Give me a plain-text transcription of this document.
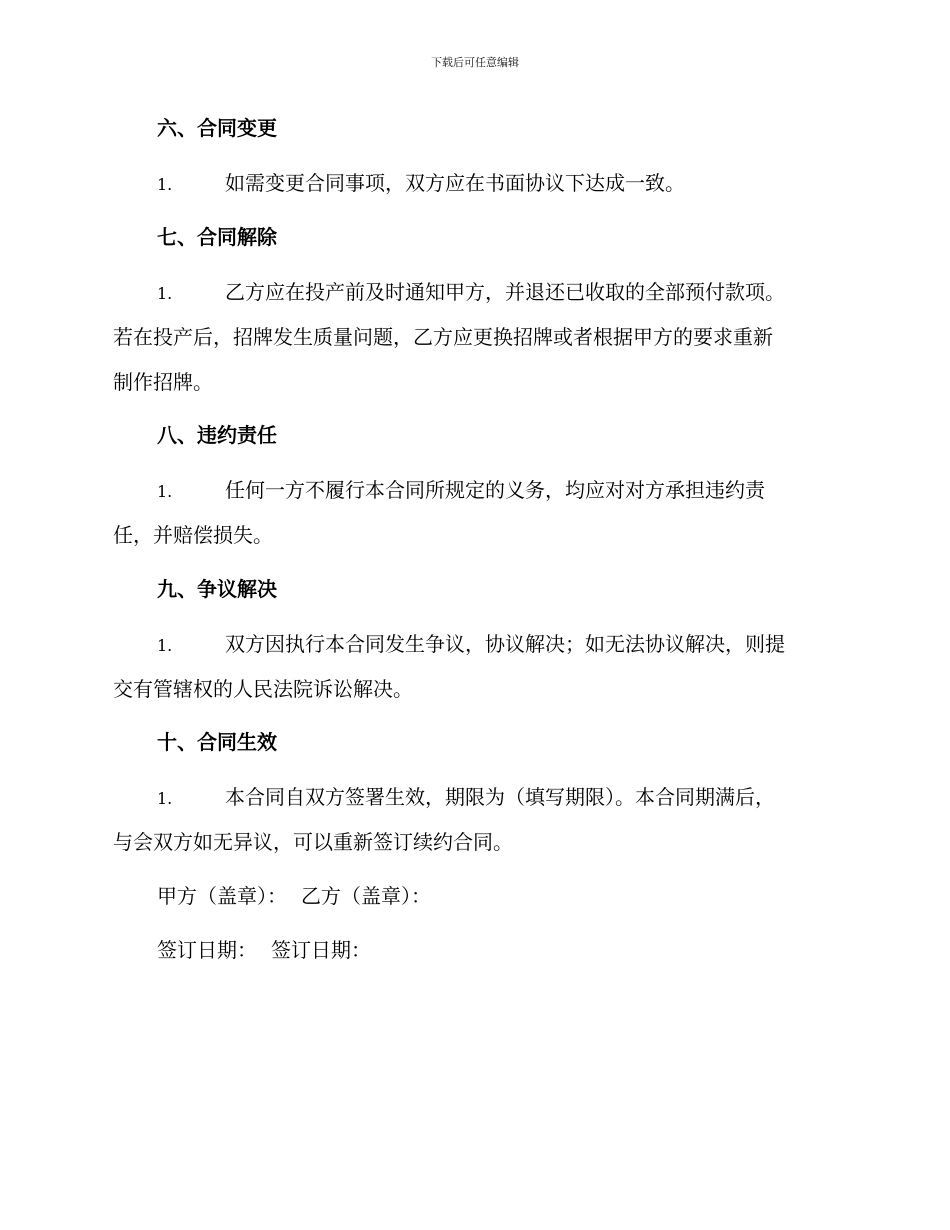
下载后可任意编辑
六、合同变更
1.	如需变更合同事项，双方应在书面协议下达成一致。
七、合同解除
1.	乙方应在投产前及时通知甲方，并退还已收取的全部预付款项。
若在投产后，招牌发生质量问题，乙方应更换招牌或者根据甲方的要求重新
制作招牌。
八、违约责任
1.	任何一方不履行本合同所规定的义务，均应对对方承担违约责
任，并赔偿损失。
九、争议解决
1.	双方因执行本合同发生争议，协议解决；如无法协议解决，则提
交有管辖权的人民法院诉讼解决。
十、合同生效
1.	本合同自双方签署生效，期限为（填写期限）。本合同期满后，
与会双方如无异议，可以重新签订续约合同。
甲方（盖章）： 乙方（盖章）：
签订日期： 签订日期：
